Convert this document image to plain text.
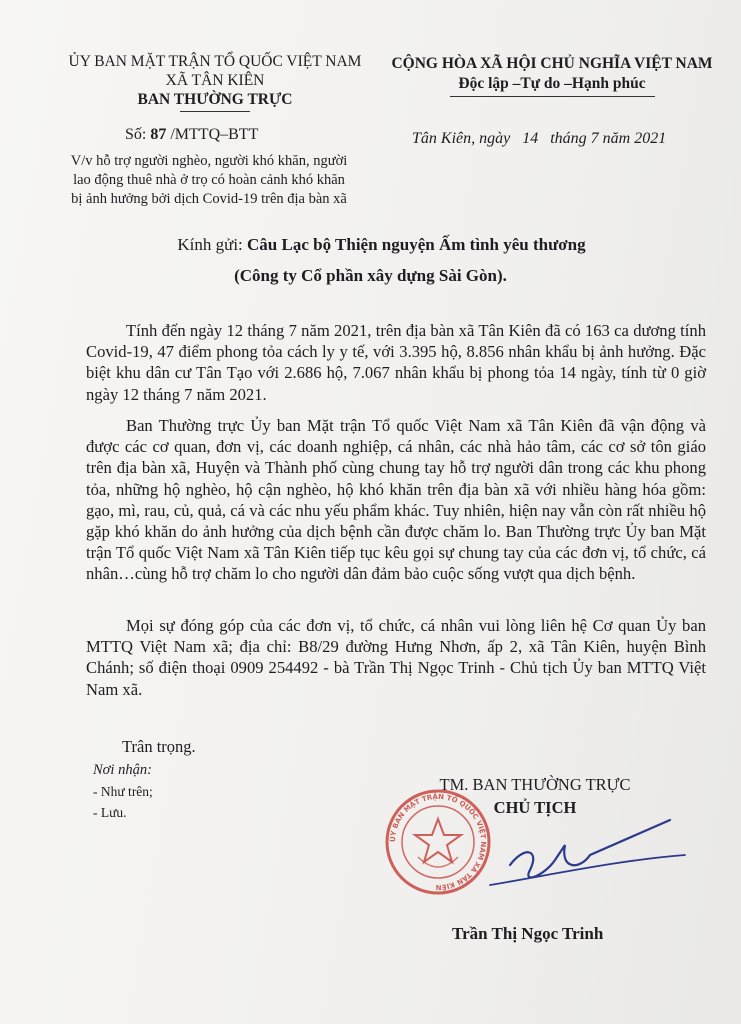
ỦY BAN MẶT TRẬN TỔ QUỐC VIỆT NAM
XÃ TÂN KIÊN
BAN THƯỜNG TRỰC
CỘNG HÒA XÃ HỘI CHỦ NGHĨA VIỆT NAM
Độc lập –Tự do –Hạnh phúc
Số: 87 /MTTQ–BTT
V/v hỗ trợ người nghèo, người khó khăn, người
lao động thuê nhà ở trọ có hoàn cảnh khó khăn
bị ảnh hưởng bởi dịch Covid-19 trên địa bàn xã
Tân Kiên, ngày   14   tháng 7 năm 2021
Kính gửi: Câu Lạc bộ Thiện nguyện Ấm tình yêu thương
(Công ty Cổ phần xây dựng Sài Gòn).

Tính đến ngày 12 tháng 7 năm 2021, trên địa bàn xã Tân Kiên đã có 163 ca dương tính Covid-19, 47 điểm phong tỏa cách ly y tế, với 3.395 hộ, 8.856 nhân khẩu bị ảnh hưởng. Đặc biệt khu dân cư Tân Tạo với 2.686 hộ, 7.067 nhân khẩu bị phong tỏa 14 ngày, tính từ 0 giờ ngày 12 tháng 7 năm 2021.

Ban Thường trực Ủy ban Mặt trận Tổ quốc Việt Nam xã Tân Kiên đã vận động và được các cơ quan, đơn vị, các doanh nghiệp, cá nhân, các nhà hảo tâm, các cơ sở tôn giáo trên địa bàn xã, Huyện và Thành phố cùng chung tay hỗ trợ người dân trong các khu phong tỏa, những hộ nghèo, hộ cận nghèo, hộ khó khăn trên địa bàn xã với nhiều hàng hóa gồm: gạo, mì, rau, củ, quả, cá và các nhu yếu phẩm khác. Tuy nhiên, hiện nay vẫn còn rất nhiều hộ gặp khó khăn do ảnh hưởng của dịch bệnh cần được chăm lo. Ban Thường trực Ủy ban Mặt trận Tổ quốc Việt Nam xã Tân Kiên tiếp tục kêu gọi sự chung tay của các đơn vị, tổ chức, cá nhân…cùng hỗ trợ chăm lo cho người dân đảm bảo cuộc sống vượt qua dịch bệnh.

Mọi sự đóng góp của các đơn vị, tổ chức, cá nhân vui lòng liên hệ Cơ quan Ủy ban MTTQ Việt Nam xã; địa chỉ: B8/29 đường Hưng Nhơn, ấp 2, xã Tân Kiên, huyện Bình Chánh; số điện thoại 0909 254492 - bà Trần Thị Ngọc Trinh - Chủ tịch Ủy ban MTTQ Việt Nam xã.

Trân trọng.
Nơi nhận:
- Như trên;
- Lưu.
TM. BAN THƯỜNG TRỰC
CHỦ TỊCH
ỦY BAN MẶT TRẬN TỔ QUỐC VIỆT NAM XÃ TÂN KIÊN
Trần Thị Ngọc Trinh
